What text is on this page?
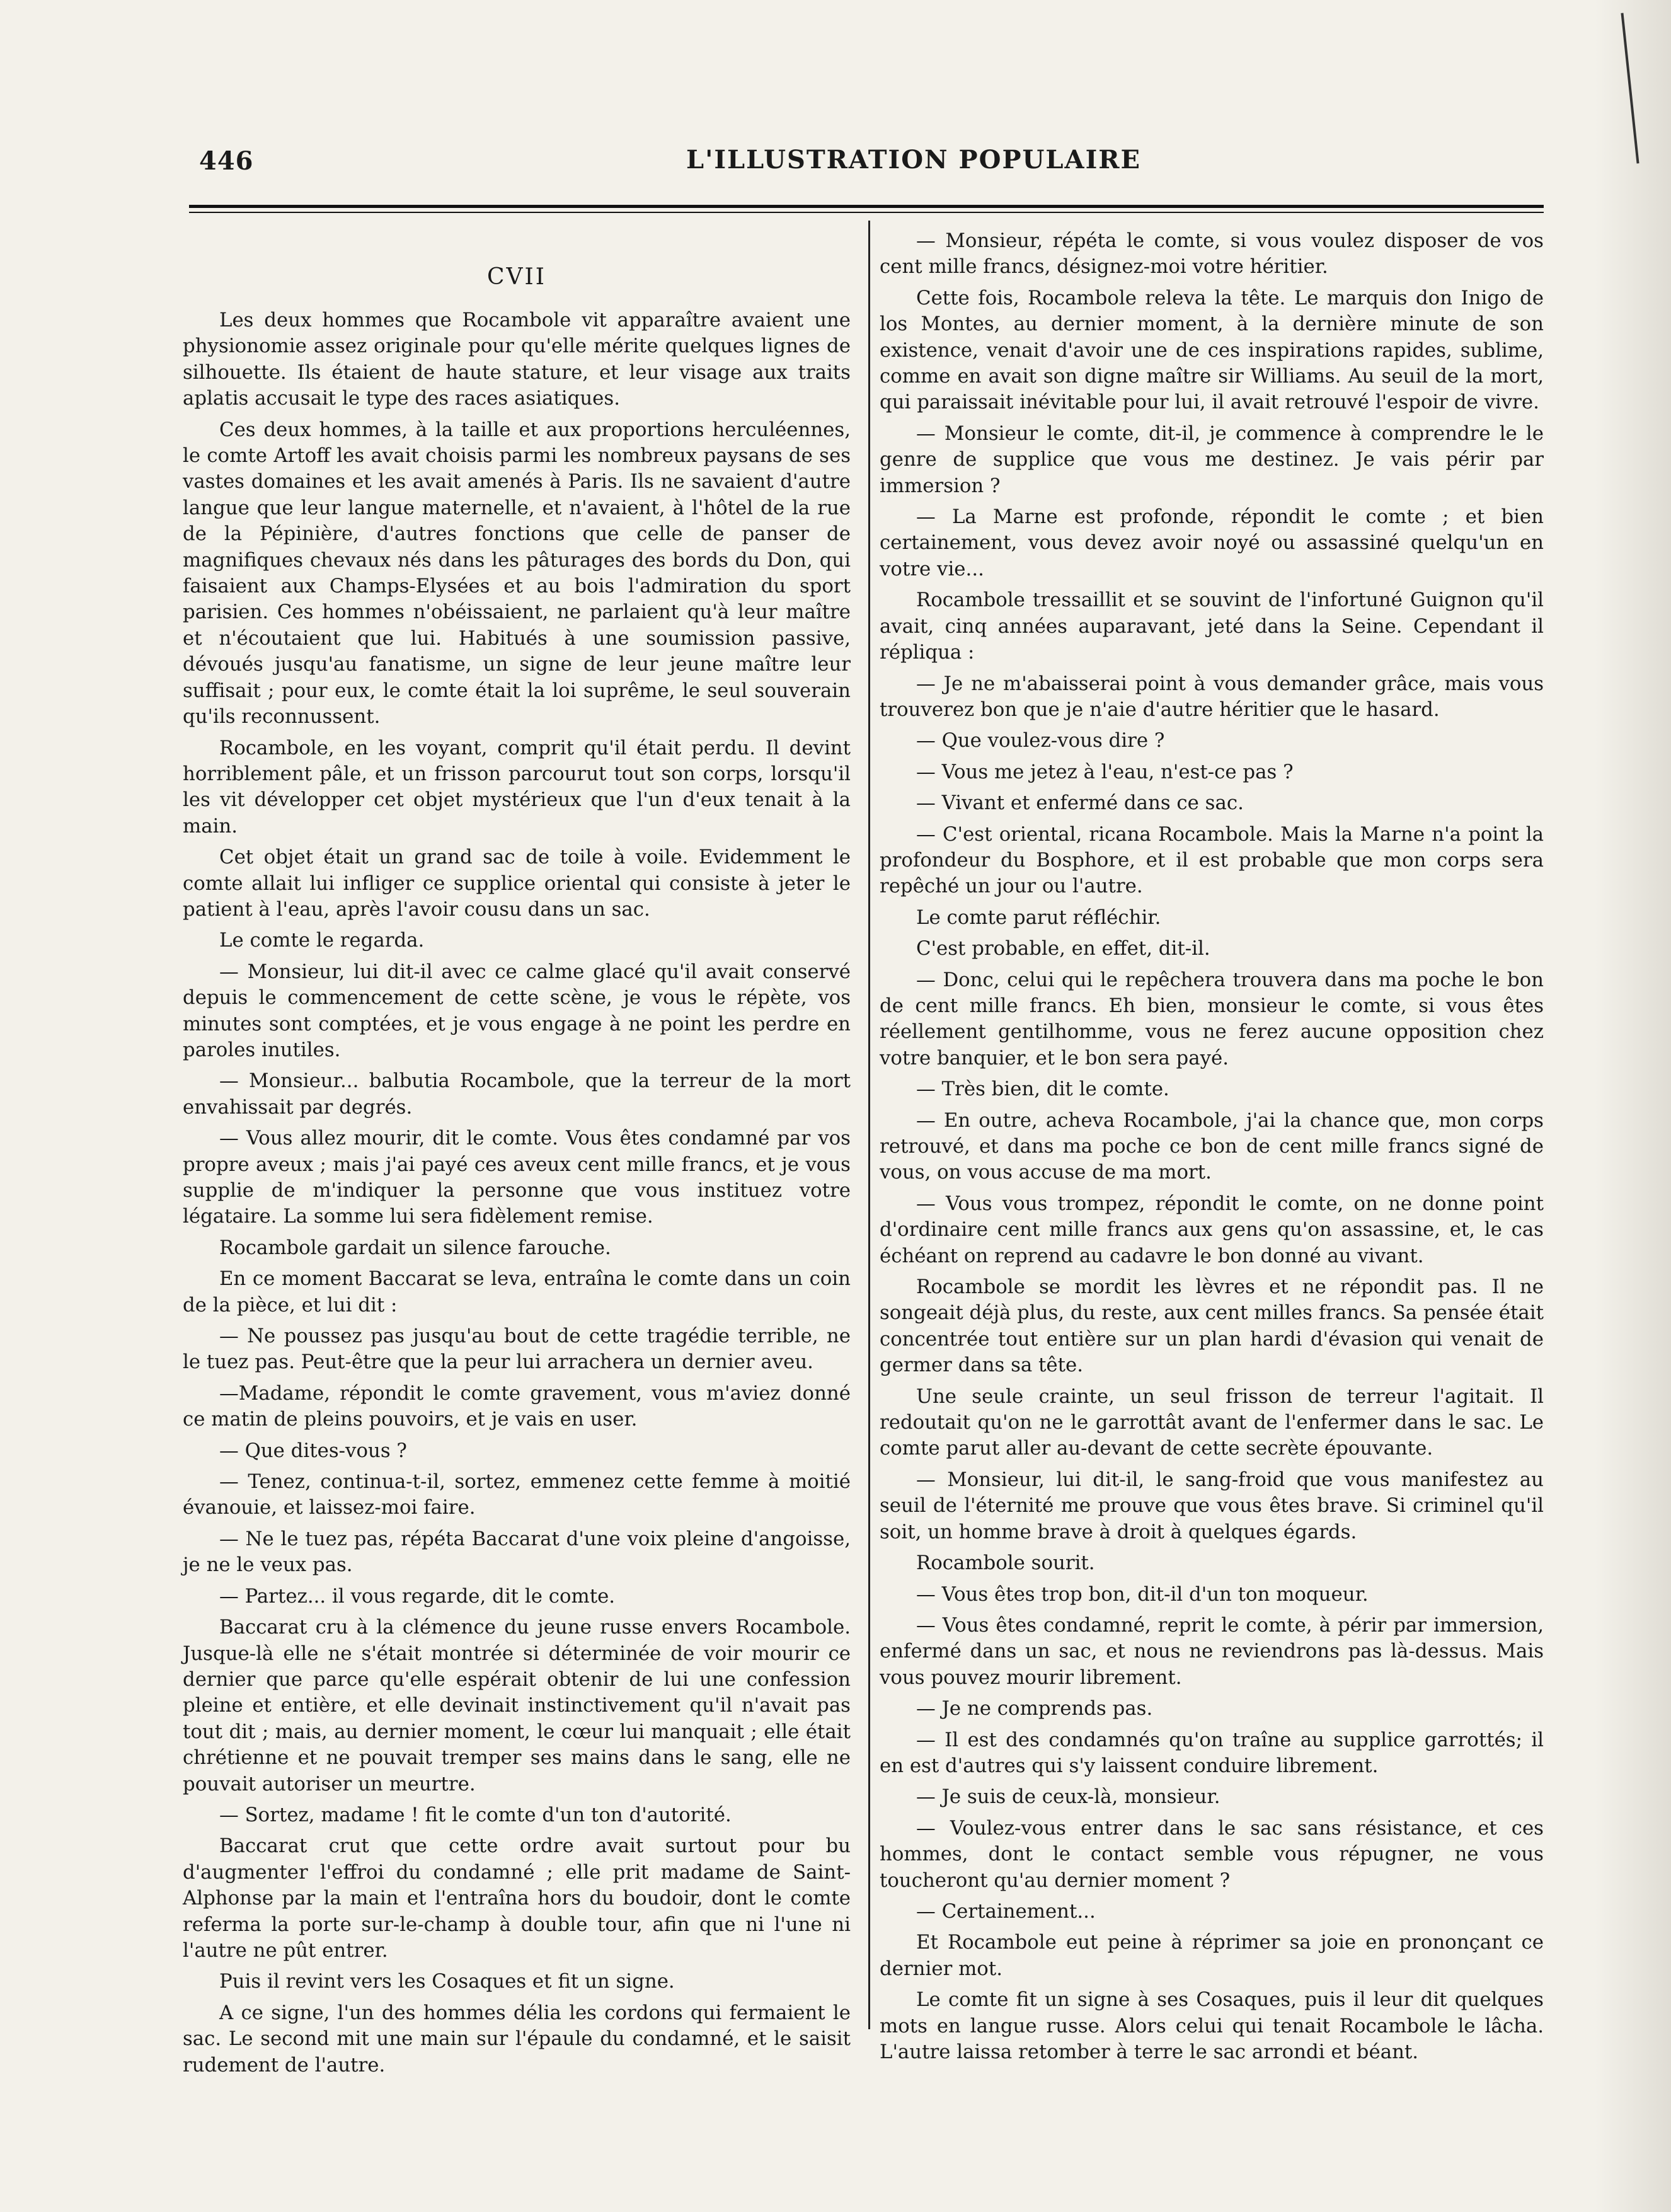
446	L'ILLUSTRATION POPULAIRE
CVII

Les deux hommes que Rocambole vit apparaître avaient une physionomie assez originale pour qu'elle mérite quelques lignes de silhouette. Ils étaient de haute stature, et leur visage aux traits aplatis accusait le type des races asiatiques.

Ces deux hommes, à la taille et aux proportions herculéennes, le comte Artoff les avait choisis parmi les nombreux paysans de ses vastes domaines et les avait amenés à Paris. Ils ne savaient d'autre langue que leur langue maternelle, et n'avaient, à l'hôtel de la rue de la Pépinière, d'autres fonctions que celle de panser de magnifiques chevaux nés dans les pâturages des bords du Don, qui faisaient aux Champs-Elysées et au bois l'admiration du sport parisien. Ces hommes n'obéissaient, ne parlaient qu'à leur maître et n'écoutaient que lui. Habitués à une soumission passive, dévoués jusqu'au fanatisme, un signe de leur jeune maître leur suffisait ; pour eux, le comte était la loi suprême, le seul souverain qu'ils reconnussent.

Rocambole, en les voyant, comprit qu'il était perdu. Il devint horriblement pâle, et un frisson parcourut tout son corps, lorsqu'il les vit développer cet objet mystérieux que l'un d'eux tenait à la main.

Cet objet était un grand sac de toile à voile. Evidemment le comte allait lui infliger ce supplice oriental qui consiste à jeter le patient à l'eau, après l'avoir cousu dans un sac.

Le comte le regarda.

— Monsieur, lui dit-il avec ce calme glacé qu'il avait conservé depuis le commencement de cette scène, je vous le répète, vos minutes sont comptées, et je vous engage à ne point les perdre en paroles inutiles.

— Monsieur... balbutia Rocambole, que la terreur de la mort envahissait par degrés.

— Vous allez mourir, dit le comte. Vous êtes condamné par vos propre aveux ; mais j'ai payé ces aveux cent mille francs, et je vous supplie de m'indiquer la personne que vous instituez votre légataire. La somme lui sera fidèlement remise.

Rocambole gardait un silence farouche.

En ce moment Baccarat se leva, entraîna le comte dans un coin de la pièce, et lui dit :

— Ne poussez pas jusqu'au bout de cette tragédie terrible, ne le tuez pas. Peut-être que la peur lui arrachera un dernier aveu.

—Madame, répondit le comte gravement, vous m'aviez donné ce matin de pleins pouvoirs, et je vais en user.

— Que dites-vous ?

— Tenez, continua-t-il, sortez, emmenez cette femme à moitié évanouie, et laissez-moi faire.

— Ne le tuez pas, répéta Baccarat d'une voix pleine d'angoisse, je ne le veux pas.

— Partez... il vous regarde, dit le comte.

Baccarat cru à la clémence du jeune russe envers Rocambole. Jusque-là elle ne s'était montrée si déterminée de voir mourir ce dernier que parce qu'elle espérait obtenir de lui une confession pleine et entière, et elle devinait instinctivement qu'il n'avait pas tout dit ; mais, au dernier moment, le cœur lui manquait ; elle était chrétienne et ne pouvait tremper ses mains dans le sang, elle ne pouvait autoriser un meurtre.

— Sortez, madame ! fit le comte d'un ton d'autorité.

Baccarat crut que cette ordre avait surtout pour bu d'augmenter l'effroi du condamné ; elle prit madame de Saint-Alphonse par la main et l'entraîna hors du boudoir, dont le comte referma la porte sur-le-champ à double tour, afin que ni l'une ni l'autre ne pût entrer.

Puis il revint vers les Cosaques et fit un signe.

A ce signe, l'un des hommes délia les cordons qui fermaient le sac. Le second mit une main sur l'épaule du condamné, et le saisit rudement de l'autre.

— Monsieur, répéta le comte, si vous voulez disposer de vos cent mille francs, désignez-moi votre héritier.

Cette fois, Rocambole releva la tête. Le marquis don Inigo de los Montes, au dernier moment, à la dernière minute de son existence, venait d'avoir une de ces inspirations rapides, sublime, comme en avait son digne maître sir Williams. Au seuil de la mort, qui paraissait inévitable pour lui, il avait retrouvé l'espoir de vivre.

— Monsieur le comte, dit-il, je commence à comprendre le le genre de supplice que vous me destinez. Je vais périr par immersion ?

— La Marne est profonde, répondit le comte ; et bien certainement, vous devez avoir noyé ou assassiné quelqu'un en votre vie...

Rocambole tressaillit et se souvint de l'infortuné Guignon qu'il avait, cinq années auparavant, jeté dans la Seine. Cependant il répliqua :

— Je ne m'abaisserai point à vous demander grâce, mais vous trouverez bon que je n'aie d'autre héritier que le hasard.

— Que voulez-vous dire ?

— Vous me jetez à l'eau, n'est-ce pas ?

— Vivant et enfermé dans ce sac.

— C'est oriental, ricana Rocambole. Mais la Marne n'a point la profondeur du Bosphore, et il est probable que mon corps sera repêché un jour ou l'autre.

Le comte parut réfléchir.

C'est probable, en effet, dit-il.

— Donc, celui qui le repêchera trouvera dans ma poche le bon de cent mille francs. Eh bien, monsieur le comte, si vous êtes réellement gentilhomme, vous ne ferez aucune opposition chez votre banquier, et le bon sera payé.

— Très bien, dit le comte.

— En outre, acheva Rocambole, j'ai la chance que, mon corps retrouvé, et dans ma poche ce bon de cent mille francs signé de vous, on vous accuse de ma mort.

— Vous vous trompez, répondit le comte, on ne donne point d'ordinaire cent mille francs aux gens qu'on assassine, et, le cas échéant on reprend au cadavre le bon donné au vivant.

Rocambole se mordit les lèvres et ne répondit pas. Il ne songeait déjà plus, du reste, aux cent milles francs. Sa pensée était concentrée tout entière sur un plan hardi d'évasion qui venait de germer dans sa tête.

Une seule crainte, un seul frisson de terreur l'agitait. Il redoutait qu'on ne le garrottât avant de l'enfermer dans le sac. Le comte parut aller au-devant de cette secrète épouvante.

— Monsieur, lui dit-il, le sang-froid que vous manifestez au seuil de l'éternité me prouve que vous êtes brave. Si criminel qu'il soit, un homme brave à droit à quelques égards.

Rocambole sourit.

— Vous êtes trop bon, dit-il d'un ton moqueur.

— Vous êtes condamné, reprit le comte, à périr par immersion, enfermé dans un sac, et nous ne reviendrons pas là-dessus. Mais vous pouvez mourir librement.

— Je ne comprends pas.

— Il est des condamnés qu'on traîne au supplice garrottés; il en est d'autres qui s'y laissent conduire librement.

— Je suis de ceux-là, monsieur.

— Voulez-vous entrer dans le sac sans résistance, et ces hommes, dont le contact semble vous répugner, ne vous toucheront qu'au dernier moment ?

— Certainement...

Et Rocambole eut peine à réprimer sa joie en prononçant ce dernier mot.

Le comte fit un signe à ses Cosaques, puis il leur dit quelques mots en langue russe. Alors celui qui tenait Rocambole le lâcha. L'autre laissa retomber à terre le sac arrondi et béant.
